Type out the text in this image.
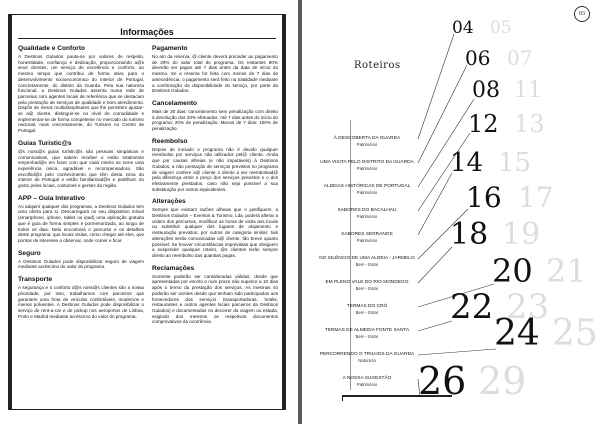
Informações
Qualidade e Conforto

A Destinos Gulados pauta-se por valores de respeito, honestidade, confiança e dedicação, proporcionando a@s seus clientes, um serviço de excelência e conforto, ao mesmo tempo que contribui de forma ativa para o desenvolvimento socioeconómico do interior de Portugal, concretamente, do distrito da Guarda. Pela sua natureza funcional, a Destinos Gulados assenta numa rede de parcerias com agentes locais de referência que se destacam pela prestação de serviços de qualidade e bom atendimento. Dispõe de meios multidisciplinares que lhe permitem ajustar-se a@ cliente, distinguir-se no nível de comodidade e implementar-se de forma competente no mercado do turismo nacional, mais concretamente, do Turismo no Centro de Portugal.

Guias Turistic@s

@s noss@s guias turístic@s são pessoas simpáticas e comunicativas, que sabem receber e estão totalmente empenhad@s em fazer com que cada roteiro se torne uma experiência única, agradável e recompensadora. São escolhid@s pelo conhecimento que têm desta zona do interior de Portugal e estão familiarizad@s e partilham do gosto pelos locais, costumes e gentes da região.

APP – Guia Interativo

Ao adquirir qualquer dos programas, a Destinos Gulados tem uma oferta para si. Descarregará no seu dispositivo móvel (smartphone, iphone, tablet ou ipad) uma aplicação gratuita que é guia de forma simples e pormenorizada, ao longo de todos os dias. Nela encontrará o percurso e os detalhes deste programa: que locais visitar, como chegar até eles, que pontos de interesse a observar, onde comer e ficar.

Seguro

A Destinos Gulados pode disponibilizar seguro de viagem mediante acréscimo do valor do programa.

Transporte

A segurança e o conforto d@s noss@s clientes são a nossa prioridade, por isso, trabalhamos com parceiros que garantem uma frota de veículos confortáveis, modernos e menos poluentes. A Destinos Gulados pode disponibilizar o serviço de rent-a-car e de pickup nos aeroportos de Lisboa, Porto e Madrid mediante acréscimo do valor do programa.

Pagamento

No ato da reserva, @ cliente deverá proceder ao pagamento de 20% do valor total do programa. Os restantes 80% deverão ser pagos até 7 dias antes da data de início do mesmo. Se a reserva for feita com menos de 7 dias de antecedência, o pagamento será feito na totalidade mediante a confirmação da disponibilidade do serviço, por parte da Destinos Gulados.

Cancelamento

Mais de 30 dias: cancelamento sem penalização com direito à devolução dos 20% efetuados. Até 7 dias antes do início do programa: 20% de penalização. Menos de 7 dias: 100% de penalização.

Reembolso

Depois de iniciado o programa não é devido qualquer reembolso por serviços não utilizados pel@ cliente. Ainda que por causas alheias (e não imputáveis) à Destinos Gulados, a não prestação de serviços previstos no programa de viagem confere a@ cliente o direito a ser reembolsad@ pela diferença entre o preço dos serviços previstos e o dos efetivamente prestados, caso não seja possível a sua substituição por outros equivalentes.

Alterações

Sempre que existam razões alheias que o justifiquem, a Destinos Gulados – Eventos & Turismo, Lda. poderá alterar a ordem dos percursos, modificar as horas de visita aos locais ou substituir qualquer dos lugares de alojamento e restauração previstos, por outros de categoria similar; tais alterações serão comunicadas a@ cliente, tão breve quanto possível. Se houver circunstâncias imprevistas que obriguem a suspender qualquer roteiro, @s clientes terão sempre direito ao reembolso das quantias pagas.

Reclamações

Somente poderão ser consideradas válidas, desde que apresentadas por escrito e num prazo não superior a 10 dias após o termo da prestação dos serviços. As mesmas só poderão ser aceites desde que tenham sido participadas aos fornecedores dos serviços (transportadoras, hotéis, restaurantes e outros agentes locais parceiros da Destinos Gulados) e documentadas no decorrer da viagem ou estada, exigindo dos mesmos os respetivos documentos comprovativos da ocorrência.

03
Roteiros
04 05
06 07
08 11
12 13
14 15
16 17
18 19
20 21
22 23
24 25
26 29
À DESCOBERTA DA GUARDA
Património
UMA VISITA PELO DISTRITO DA GUARDA
Património
ALDEIAS HISTÓRICAS DE PORTUGAL
Património
SABORES DO BACALHAU
Património
SABORES SERRANOS
Património
NO SILÊNCIO DE UMA ALDEIA - JARMELO
Bem - Estar
EM PLENO VALE DO RIO MONDEGO
Bem - Estar
TERMAS DO CRÓ
Bem - Estar
TERMAS DE ALMEIDA FONTE SANTA
Bem - Estar
PERCORRENDO O TRILHOS DA GUARDA
Natureza
A NOSSA SUGESTÃO
Património
